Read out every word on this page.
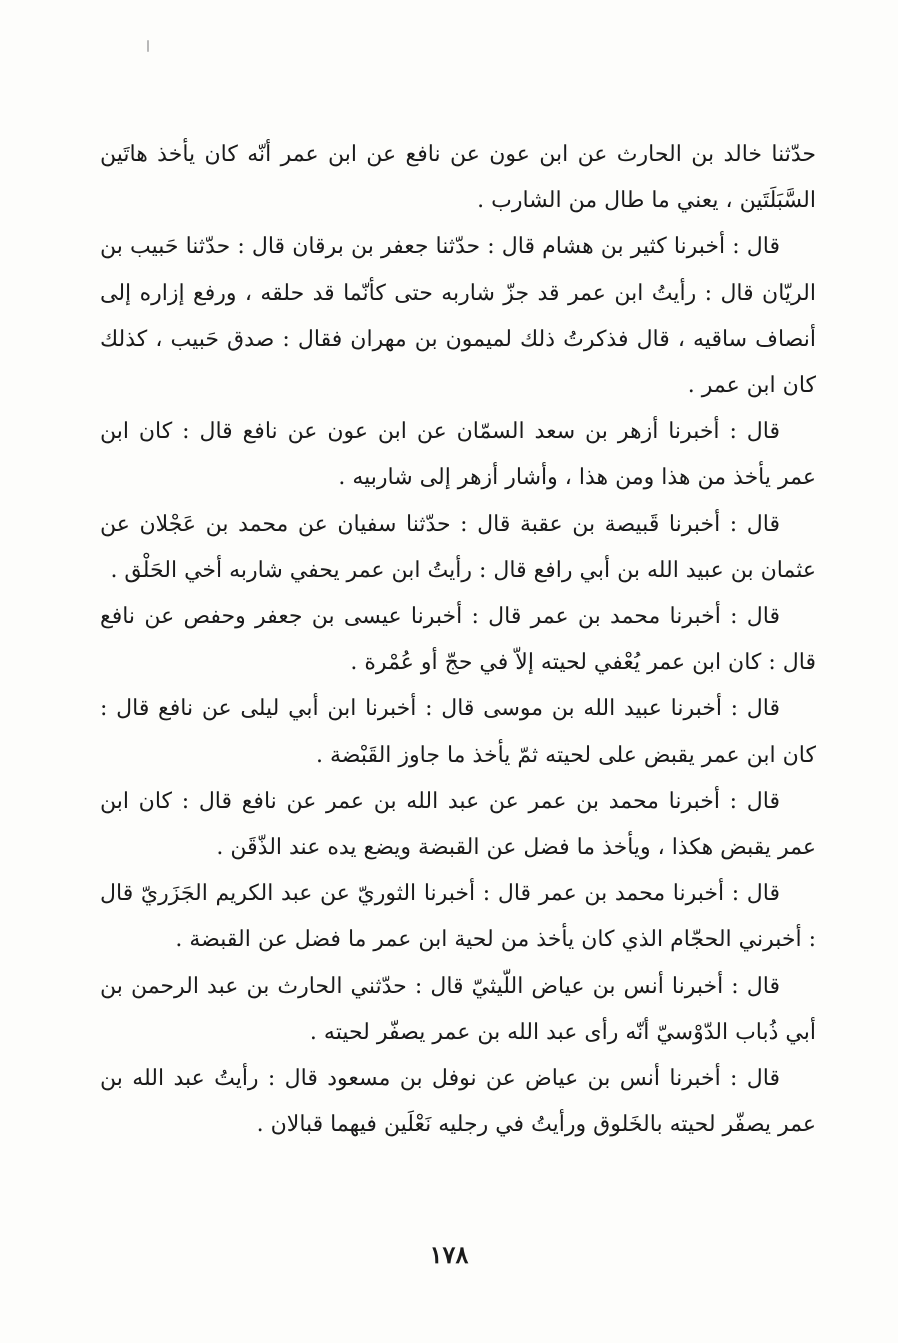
حدّثنا خالد بن الحارث عن ابن عون عن نافع عن ابن عمر أنّه كان يأخذ هاتَين السَّبَلَتَين ، يعني ما طال من الشارب .

قال : أخبرنا كثير بن هشام قال : حدّثنا جعفر بن برقان قال : حدّثنا حَبيب بن الريّان قال : رأيتُ ابن عمر قد جزّ شاربه حتى كأنّما قد حلقه ، ورفع إزاره إلى أنصاف ساقيه ، قال فذكرتُ ذلك لميمون بن مهران فقال : صدق حَبيب ، كذلك كان ابن عمر .

قال : أخبرنا أزهر بن سعد السمّان عن ابن عون عن نافع قال : كان ابن عمر يأخذ من هذا ومن هذا ، وأشار أزهر إلى شاربيه .

قال : أخبرنا قَبيصة بن عقبة قال : حدّثنا سفيان عن محمد بن عَجْلان عن عثمان بن عبيد الله بن أبي رافع قال : رأيتُ ابن عمر يحفي شاربه أخي الحَلْق .

قال : أخبرنا محمد بن عمر قال : أخبرنا عيسى بن جعفر وحفص عن نافع قال : كان ابن عمر يُعْفي لحيته إلاّ في حجّ أو عُمْرة .

قال : أخبرنا عبيد الله بن موسى قال : أخبرنا ابن أبي ليلى عن نافع قال : كان ابن عمر يقبض على لحيته ثمّ يأخذ ما جاوز القَبْضة .

قال : أخبرنا محمد بن عمر عن عبد الله بن عمر عن نافع قال : كان ابن عمر يقبض هكذا ، ويأخذ ما فضل عن القبضة ويضع يده عند الذّقَن .

قال : أخبرنا محمد بن عمر قال : أخبرنا الثوريّ عن عبد الكريم الجَزَريّ قال : أخبرني الحجّام الذي كان يأخذ من لحية ابن عمر ما فضل عن القبضة .

قال : أخبرنا أنس بن عياض اللّيثيّ قال : حدّثني الحارث بن عبد الرحمن بن أبي ذُباب الدّوْسيّ أنّه رأى عبد الله بن عمر يصفّر لحيته .

قال : أخبرنا أنس بن عياض عن نوفل بن مسعود قال : رأيتُ عبد الله بن عمر يصفّر لحيته بالخَلوق ورأيتُ في رجليه نَعْلَين فيهما قبالان .

١٧٨
